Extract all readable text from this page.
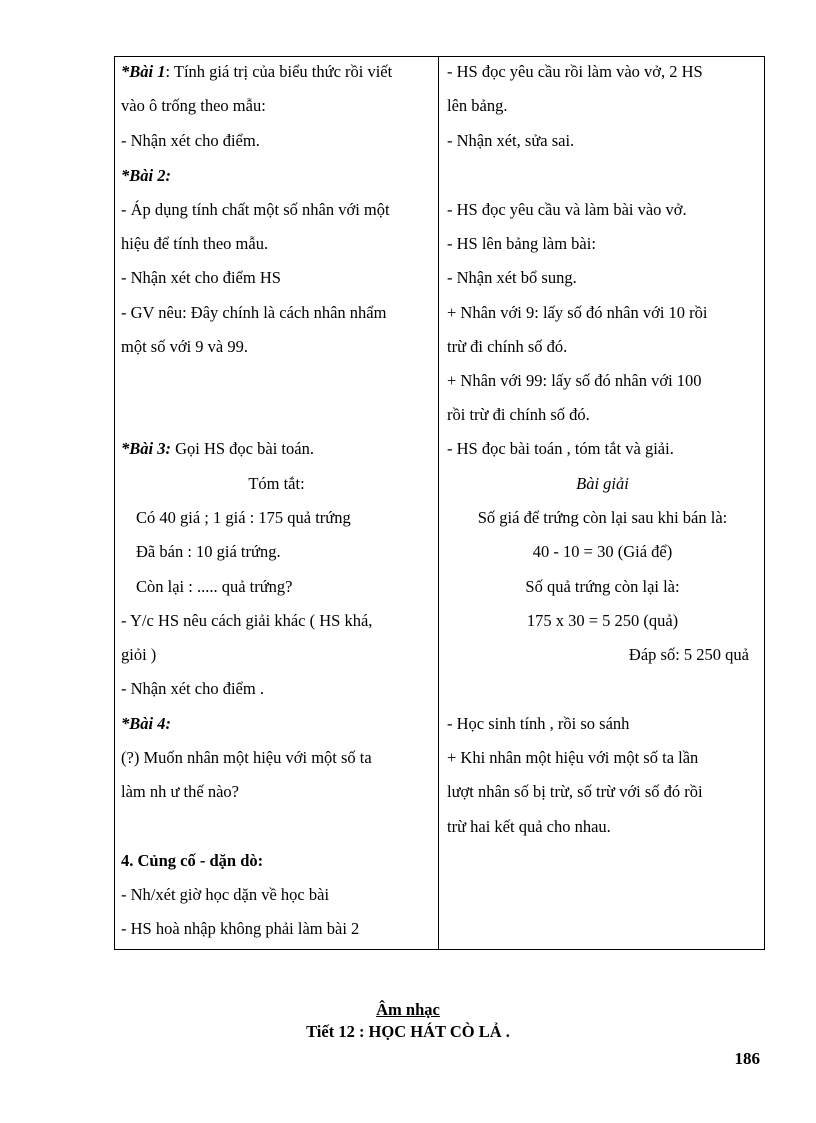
*Bài 1: Tính giá trị của biểu thức rồi viết
vào ô trống theo mẫu:
- Nhận xét cho điểm.
*Bài 2:
- Áp dụng tính chất một số nhân với một
hiệu để tính theo mẫu.
- Nhận xét cho điểm HS
- GV nêu: Đây chính là cách nhân nhẩm
một số với 9 và 99.
*Bài 3: Gọi HS đọc bài toán.
Tóm tắt:
Có 40 giá ; 1 giá : 175 quả trứng
Đã bán : 10 giá trứng.
Còn lại : ..... quả trứng?
- Y/c HS nêu cách giải khác ( HS khá,
giỏi )
- Nhận xét cho điểm .
*Bài 4:
(?) Muốn nhân một hiệu với một số ta
làm nh ư thế nào?
4. Củng cố - dặn dò:
- Nh/xét giờ học dặn về học bài
- HS hoà nhập không phải làm bài 2
- HS đọc yêu cầu rồi làm vào vở, 2 HS
lên bảng.
- Nhận xét, sửa sai.
- HS đọc yêu cầu và làm bài vào vở.
- HS lên bảng làm bài:
- Nhận xét bổ sung.
+ Nhân với 9: lấy số đó nhân với 10 rồi
trừ đi chính số đó.
+ Nhân với 99: lấy số đó nhân với 100
rồi trừ đi chính số đó.
- HS đọc bài toán , tóm tắt và giải.
Bài giải
Số giá để trứng còn lại sau khi bán là:
40 - 10 = 30 (Giá để)
Số quả trứng còn lại là:
175 x 30 = 5 250 (quả)
Đáp số: 5 250 quả
- Học sinh tính , rồi so sánh
+ Khi nhân một hiệu với một số ta lần
lượt nhân số bị trừ, số trừ với số đó rồi
trừ hai kết quả cho nhau.
Âm nhạc
Tiết 12 : HỌC HÁT CÒ LẢ .
186
